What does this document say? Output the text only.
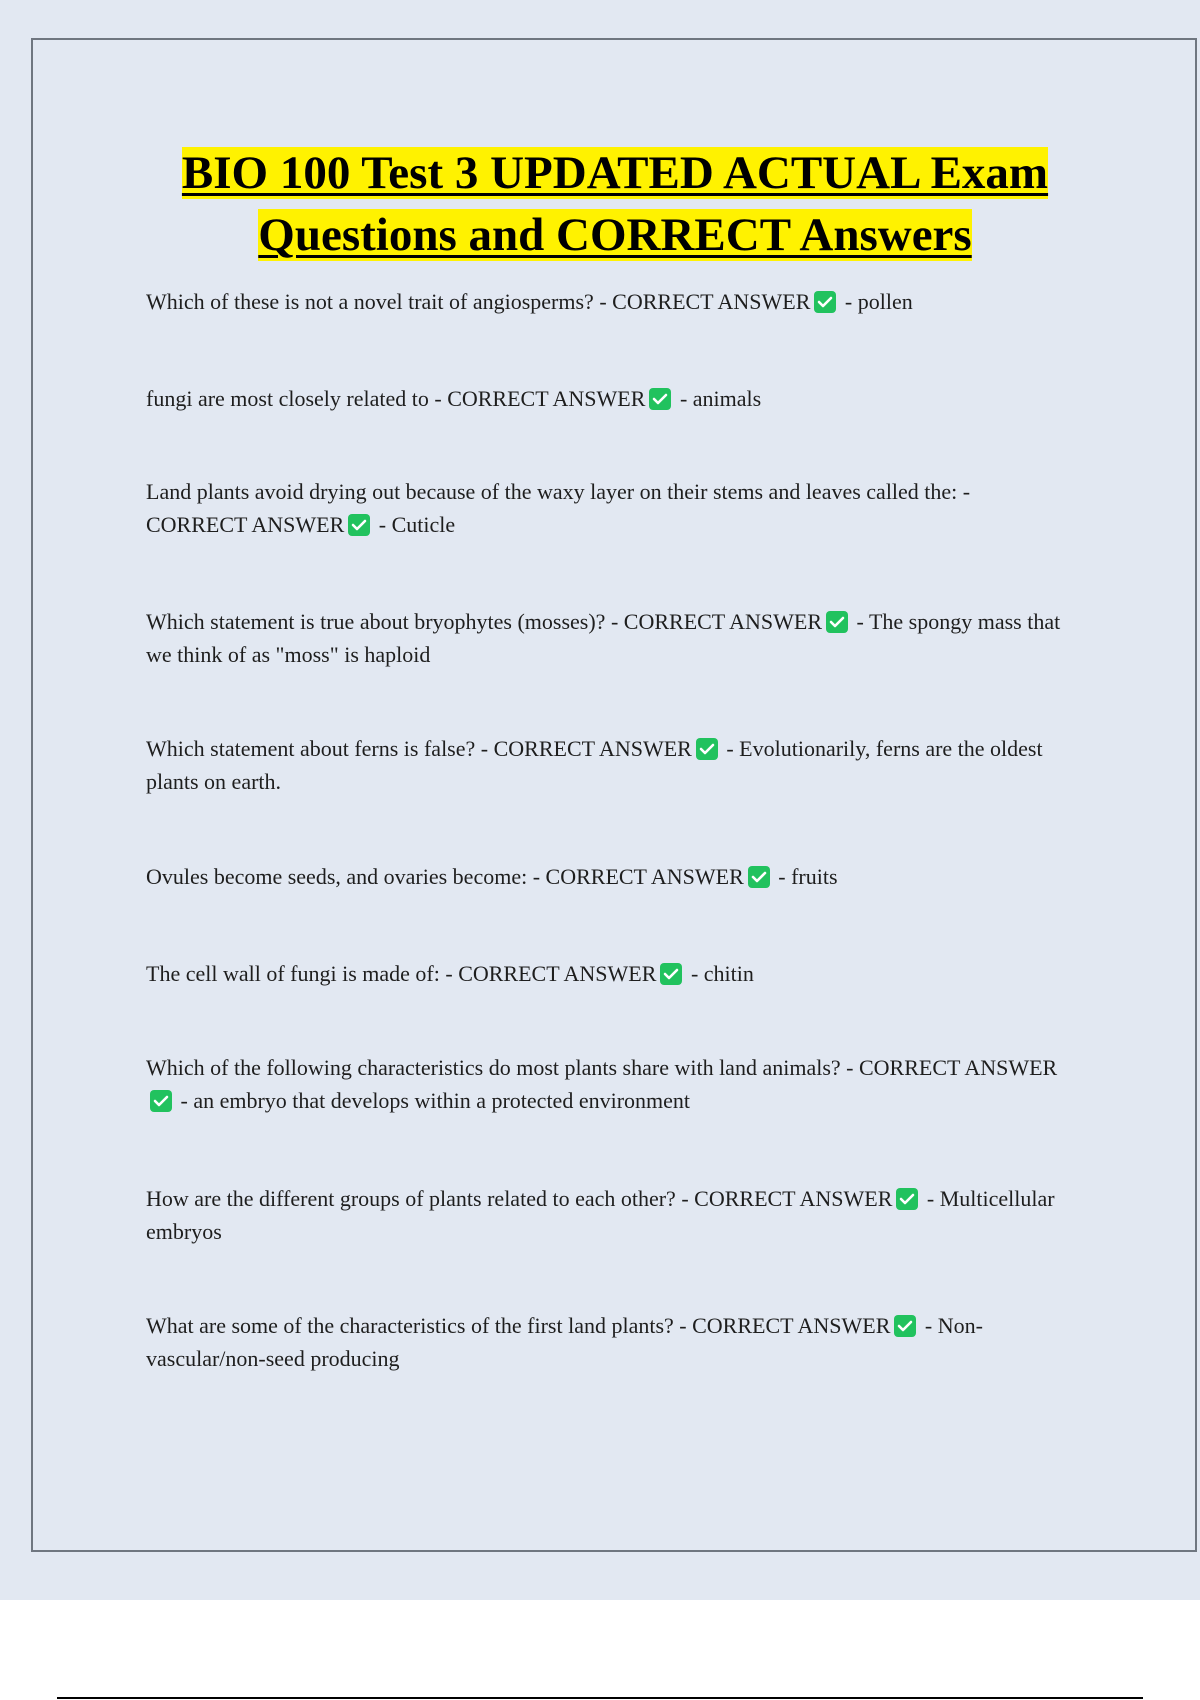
BIO 100 Test 3 UPDATED ACTUAL Exam
Questions and CORRECT Answers

Which of these is not a novel trait of angiosperms? - CORRECT ANSWER
- pollen

fungi are most closely related to - CORRECT ANSWER
- animals

Land plants avoid drying out because of the waxy layer on their stems and leaves called the: - CORRECT ANSWER
- Cuticle

Which statement is true about bryophytes (mosses)? - CORRECT ANSWER
- The spongy mass that we think of as "moss" is haploid

Which statement about ferns is false? - CORRECT ANSWER
- Evolutionarily, ferns are the oldest plants on earth.

Ovules become seeds, and ovaries become: - CORRECT ANSWER
- fruits

The cell wall of fungi is made of: - CORRECT ANSWER
- chitin

Which of the following characteristics do most plants share with land animals? - CORRECT ANSWER
- an embryo that develops within a protected environment

How are the different groups of plants related to each other? - CORRECT ANSWER
- Multicellular embryos

What are some of the characteristics of the first land plants? - CORRECT ANSWER
- Non-vascular/non-seed producing
